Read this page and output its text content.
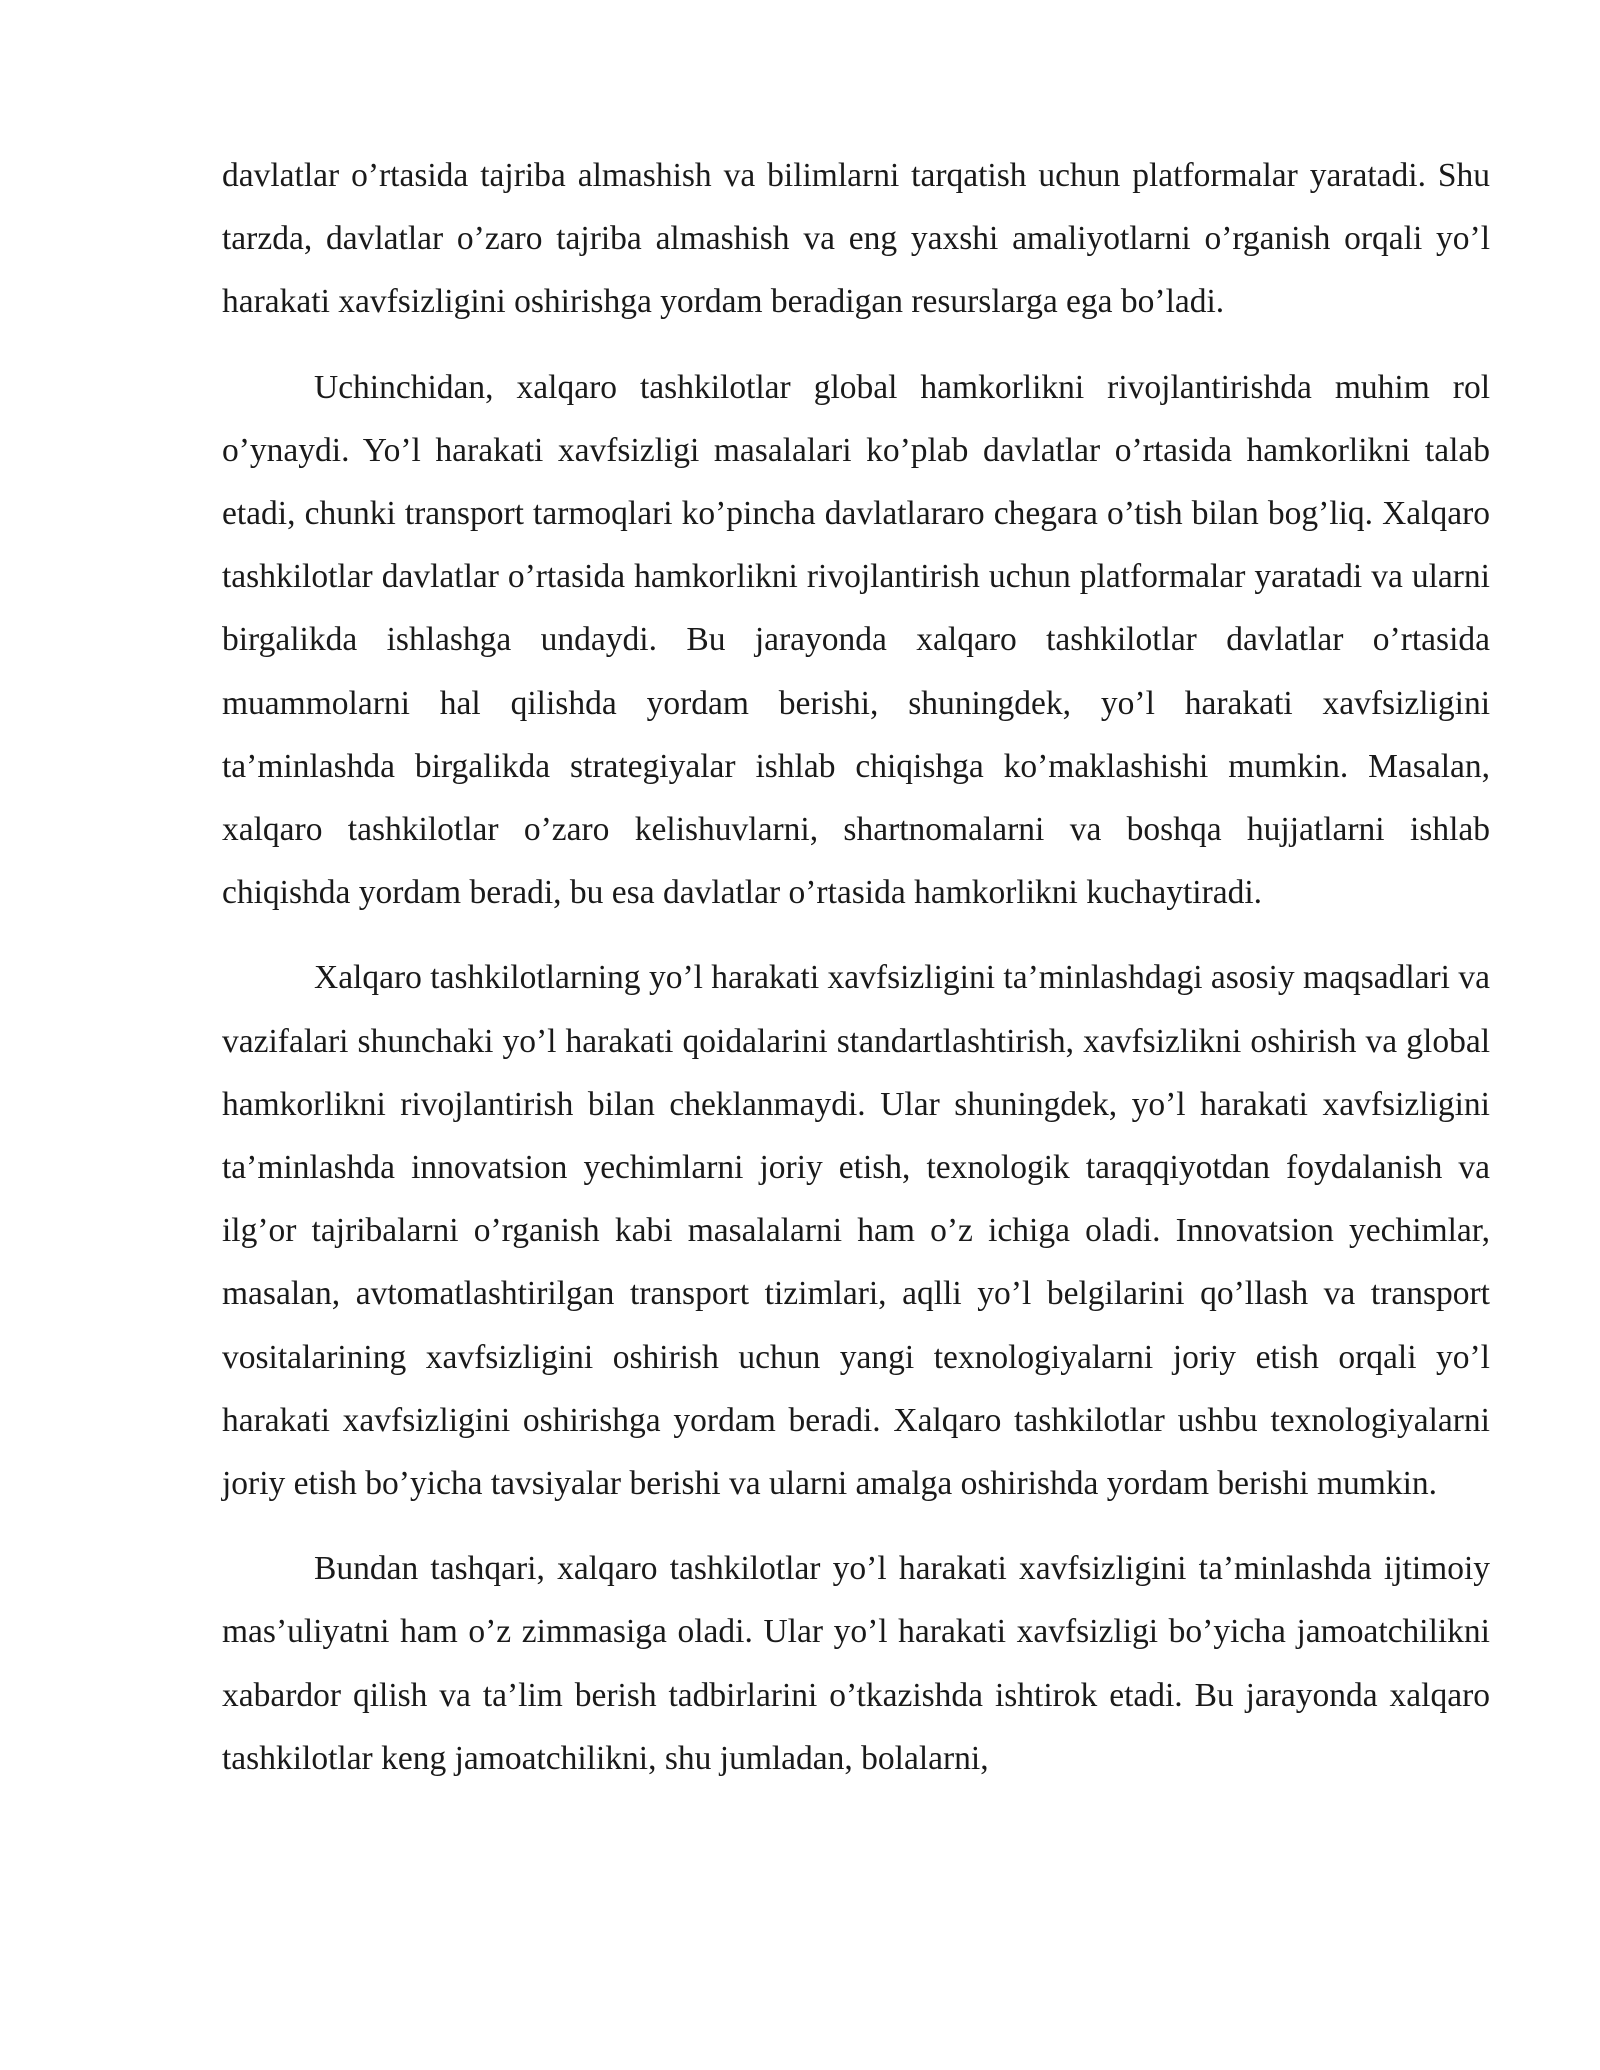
davlatlar o’rtasida tajriba almashish va bilimlarni tarqatish uchun platformalar yaratadi. Shu tarzda, davlatlar o’zaro tajriba almashish va eng yaxshi amaliyotlarni o’rganish orqali yo’l harakati xavfsizligini oshirishga yordam beradigan resurslarga ega bo’ladi.

Uchinchidan, xalqaro tashkilotlar global hamkorlikni rivojlantirishda muhim rol o’ynaydi. Yo’l harakati xavfsizligi masalalari ko’plab davlatlar o’rtasida hamkorlikni talab etadi, chunki transport tarmoqlari ko’pincha davlatlararo chegara o’tish bilan bog’liq. Xalqaro tashkilotlar davlatlar o’rtasida hamkorlikni rivojlantirish uchun platformalar yaratadi va ularni birgalikda ishlashga undaydi. Bu jarayonda xalqaro tashkilotlar davlatlar o’rtasida muammolarni hal qilishda yordam berishi, shuningdek, yo’l harakati xavfsizligini ta’minlashda birgalikda strategiyalar ishlab chiqishga ko’maklashishi mumkin. Masalan, xalqaro tashkilotlar o’zaro kelishuvlarni, shartnomalarni va boshqa hujjatlarni ishlab chiqishda yordam beradi, bu esa davlatlar o’rtasida hamkorlikni kuchaytiradi.

Xalqaro tashkilotlarning yo’l harakati xavfsizligini ta’minlashdagi asosiy maqsadlari va vazifalari shunchaki yo’l harakati qoidalarini standartlashtirish, xavfsizlikni oshirish va global hamkorlikni rivojlantirish bilan cheklanmaydi. Ular shuningdek, yo’l harakati xavfsizligini ta’minlashda innovatsion yechimlarni joriy etish, texnologik taraqqiyotdan foydalanish va ilg’or tajribalarni o’rganish kabi masalalarni ham o’z ichiga oladi. Innovatsion yechimlar, masalan, avtomatlashtirilgan transport tizimlari, aqlli yo’l belgilarini qo’llash va transport vositalarining xavfsizligini oshirish uchun yangi texnologiyalarni joriy etish orqali yo’l harakati xavfsizligini oshirishga yordam beradi. Xalqaro tashkilotlar ushbu texnologiyalarni joriy etish bo’yicha tavsiyalar berishi va ularni amalga oshirishda yordam berishi mumkin.

Bundan tashqari, xalqaro tashkilotlar yo’l harakati xavfsizligini ta’minlashda ijtimoiy mas’uliyatni ham o’z zimmasiga oladi. Ular yo’l harakati xavfsizligi bo’yicha jamoatchilikni xabardor qilish va ta’lim berish tadbirlarini o’tkazishda ishtirok etadi. Bu jarayonda xalqaro tashkilotlar keng jamoatchilikni, shu jumladan, bolalarni,
